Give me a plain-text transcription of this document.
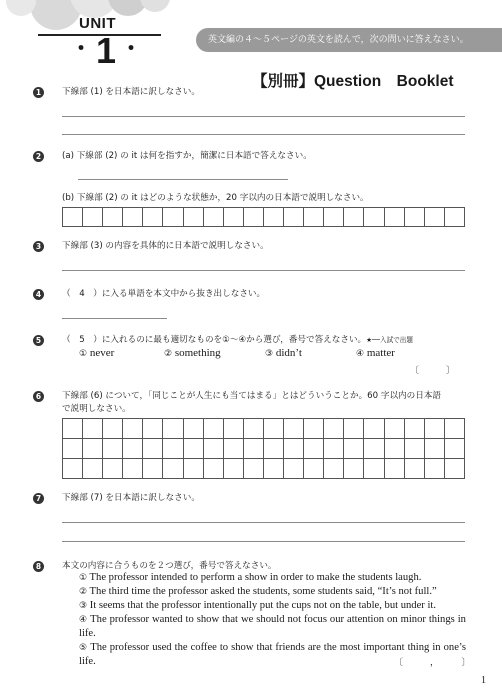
UNIT
・ 1 ・	英文編の４～５ページの英文を読んで，次の問いに答えなさい。
【別冊】Question　Booklet
1	下線部 (1) を日本語に訳しなさい。
2	(a) 下線部 (2) の it は何を指すか，簡潔に日本語で答えなさい。
(b) 下線部 (2) の it はどのような状態か，20 字以内の日本語で説明しなさい。
3	下線部 (3) の内容を具体的に日本語で説明しなさい。
4	（　4　）に入る単語を本文中から抜き出しなさい。
5	（　5　）に入れるのに最も適切なものを①～④から選び，番号で答えなさい。★──入試で出題
① never	② something	③ didn’t	④ matter
〔　　　〕
6	下線部 (6) について，「同じことが人生にも当てはまる」とはどういうことか。60 字以内の日本語
で説明しなさい。
7	下線部 (7) を日本語に訳しなさい。
8	本文の内容に合うものを２つ選び，番号で答えなさい。
① The professor intended to perform a show in order to make the students laugh.
② The third time the professor asked the students, some students said, “It’s not full.”
③ It seems that the professor intentionally put the cups not on the table, but under it.
④ The professor wanted to show that we should not focus our attention on minor things in life.
⑤ The professor used the coffee to show that friends are the most important thing in one’s life.	〔　　　，　　　〕
1
